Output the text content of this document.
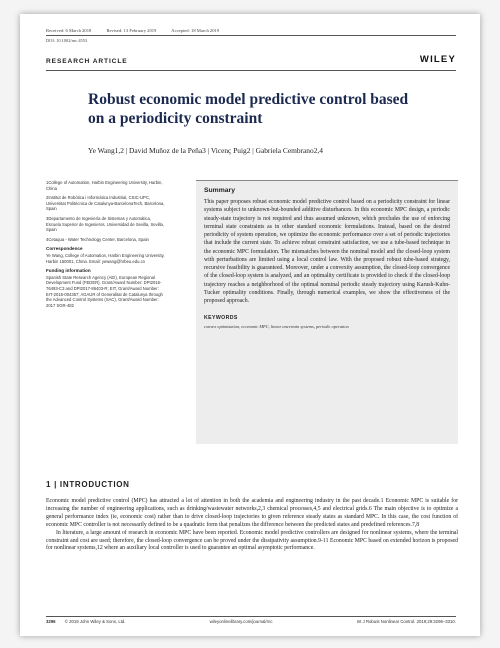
Received: 6 March 2018	Revised: 13 February 2019	Accepted: 18 March 2019
DOI: 10.1002/rnc.4553
RESEARCH ARTICLE	WILEY
Robust economic model predictive control based on a periodicity constraint
Ye Wang1,2 | David Muñoz de la Peña3 | Vicenç Puig2 | Gabriela Cembrano2,4

1College of Automation, Harbin Engineering University, Harbin, China

2Institut de Robòtica i Informàtica Industrial, CSIC-UPC, Universitat Politècnica de Catalunya-BarcelonaTech, Barcelona, Spain

3Departamento de Ingeniería de Sistemas y Automática, Escuela Superior de Ingenieros, Universidad de Sevilla, Sevilla, Spain

4Cetaqua - Water Technology Center, Barcelona, Spain

Correspondence

Ye Wang, College of Automation, Harbin Engineering University, Harbin 150001, China. Email: yewang@hrbeu.edu.cn

Funding information

Spanish State Research Agency (AEI), European Regional Development Fund (FEDER), Grant/Award Number: DPI2016-76493-C3 and DPI2017-86403-R; EIT, Grant/Award Number: EIT-2016-004357; AGAUR of Generalitat de Catalunya through the Advanced Control Systems (SAC), Grant/Award Number: 2017 SGR-482

Summary
This paper proposes robust economic model predictive control based on a periodicity constraint for linear systems subject to unknown-but-bounded additive disturbances. In this economic MPC design, a periodic steady-state trajectory is not required and thus assumed unknown, which precludes the use of enforcing terminal state constraints as in other standard economic formulations. Instead, based on the desired periodicity of system operation, we optimize the economic performance over a set of periodic trajectories that include the current state. To achieve robust constraint satisfaction, we use a tube-based technique in the economic MPC formulation. The mismatches between the nominal model and the closed-loop system with perturbations are limited using a local control law. With the proposed robust tube-based strategy, recursive feasibility is guaranteed. Moreover, under a convexity assumption, the closed-loop convergence of the closed-loop system is analyzed, and an optimality certificate is provided to check if the closed-loop trajectory reaches a neighborhood of the optimal nominal periodic steady trajectory using Karush-Kuhn-Tucker optimality conditions. Finally, through numerical examples, we show the effectiveness of the proposed approach.
KEYWORDS
convex optimization, economic MPC, linear uncertain systems, periodic operation
1 | INTRODUCTION

Economic model predictive control (MPC) has attracted a lot of attention in both the academia and engineering industry in the past decade.1 Economic MPC is suitable for increasing the number of engineering applications, such as drinking/wastewater networks,2,3 chemical processes,4,5 and electrical grids.6 The main objective is to optimize a general performance index (ie, economic cost) rather than to drive closed-loop trajectories to given reference steady states as standard MPC. In this case, the cost function of economic MPC controller is not necessarily defined to be a quadratic form that penalizes the difference between the predicted states and predefined references.7,8

In literature, a large amount of research in economic MPC have been reported. Economic model predictive controllers are designed for nonlinear systems, where the terminal constraint and cost are used; therefore, the closed-loop convergence can be proved under the dissipativity assumption.9-11 Economic MPC based on extended horizon is proposed for nonlinear systems,12 where an auxiliary local controller is used to guarantee an optimal asymptotic performance.

3296 © 2019 John Wiley & Sons, Ltd.	wileyonlinelibrary.com/journal/rnc	Int J Robust Nonlinear Control. 2019;29:3296–3310.
